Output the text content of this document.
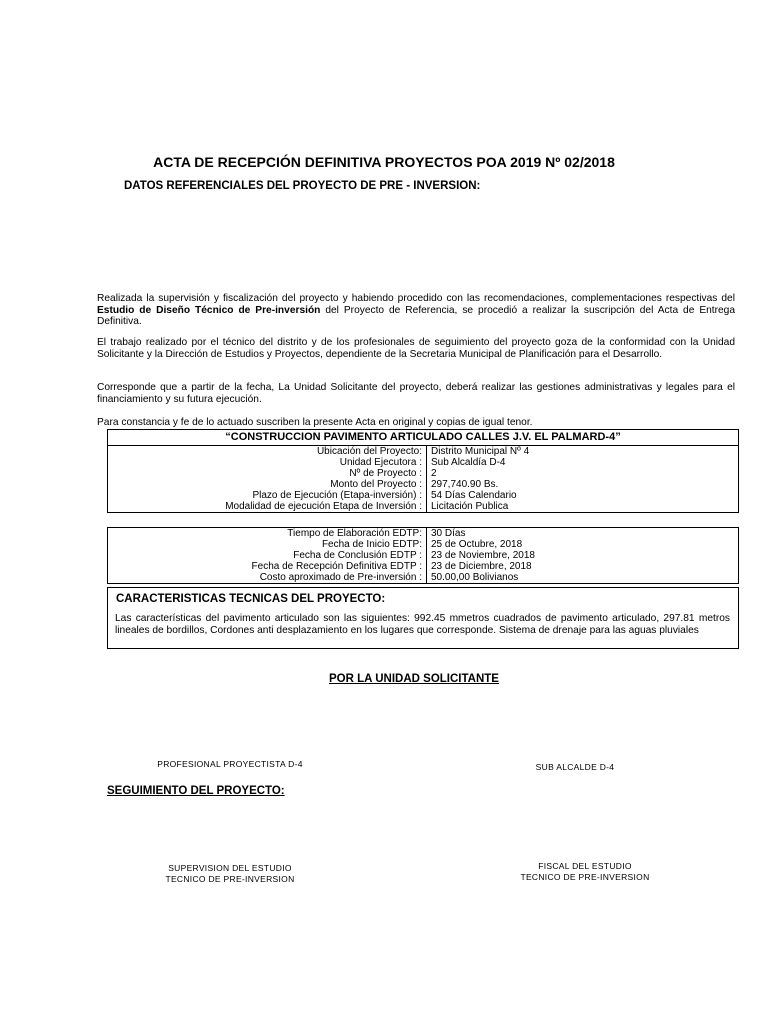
ACTA DE RECEPCIÓN DEFINITIVA PROYECTOS POA 2019 Nº 02/2018
DATOS REFERENCIALES DEL PROYECTO DE PRE - INVERSION:
Realizada la supervisión y fiscalización del proyecto y habiendo procedido con las recomendaciones, complementaciones respectivas del Estudio de Diseño Técnico de Pre-inversión del Proyecto de Referencia, se procedió a realizar la suscripción del Acta de Entrega Definitiva.
El trabajo realizado por el técnico del distrito y de los profesionales de seguimiento del proyecto goza de la conformidad con la Unidad Solicitante y la Dirección de Estudios y Proyectos, dependiente de la Secretaria Municipal de Planificación para el Desarrollo.
Corresponde que a partir de la fecha, La Unidad Solicitante del proyecto, deberá realizar las gestiones administrativas y legales para el financiamiento y su futura ejecución.
Para constancia y fe de lo actuado suscriben la presente Acta en original y copias de igual tenor.
“CONSTRUCCION PAVIMENTO ARTICULADO CALLES J.V. EL PALMARD-4”	
Ubicación del Proyecto:	Distrito Municipal Nº 4
Unidad Ejecutora :	Sub Alcaldía D-4
Nº de Proyecto :	2
Monto del Proyecto :	297,740.90 Bs.
Plazo de Ejecución (Etapa-inversión) :	54 Días Calendario
Modalidad de ejecución Etapa de Inversión :	Licitación Publica
Tiempo de Elaboración EDTP:	30 Días
Fecha de Inicio EDTP:	25 de Octubre, 2018
Fecha de Conclusión EDTP :	23 de Noviembre, 2018
Fecha de Recepción Definitiva EDTP :	23 de Diciembre, 2018
Costo aproximado de Pre-inversión :	50.00,00 Bolivianos
CARACTERISTICAS TECNICAS DEL PROYECTO:
Las características del pavimento articulado son las siguientes: 992.45 mmetros cuadrados de pavimento articulado, 297.81 metros lineales de bordillos, Cordones anti desplazamiento en los lugares que corresponde. Sistema de drenaje para las aguas pluviales
POR LA UNIDAD SOLICITANTE
PROFESIONAL PROYECTISTA D-4	SUB ALCALDE D-4
SEGUIMIENTO DEL PROYECTO:
SUPERVISION DEL ESTUDIO
TECNICO DE PRE-INVERSION
FISCAL DEL ESTUDIO
TECNICO DE PRE-INVERSION
